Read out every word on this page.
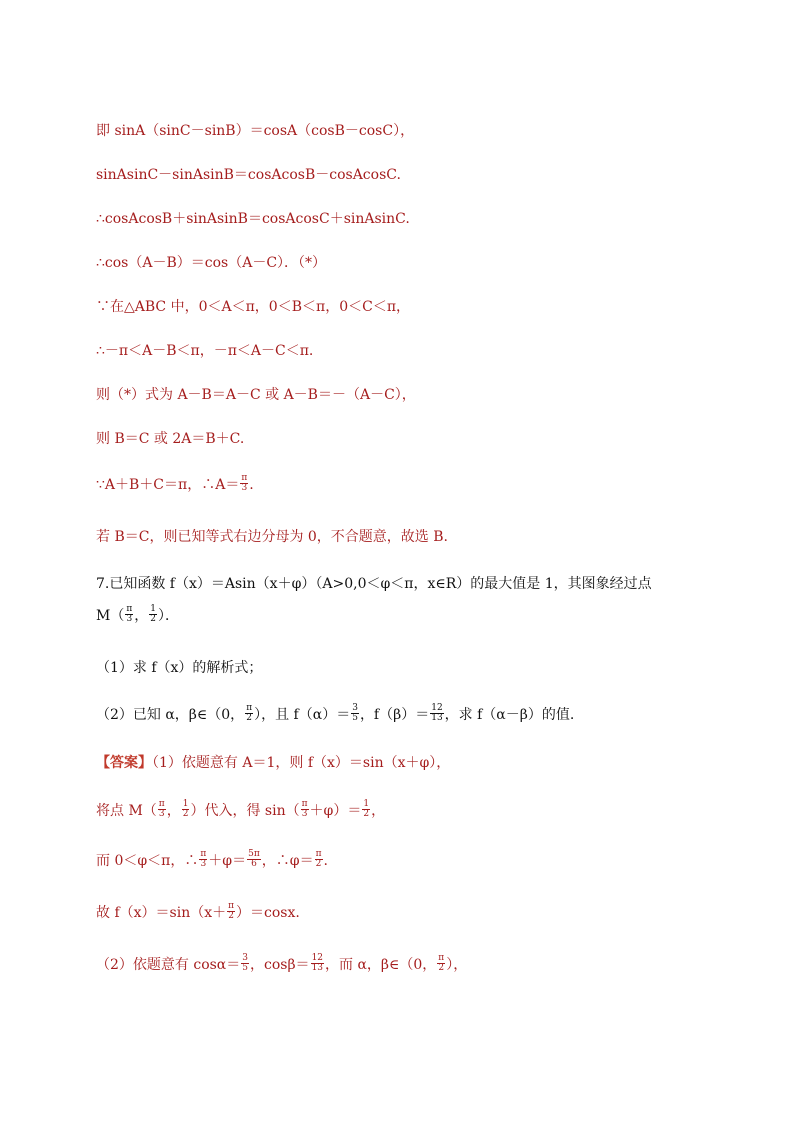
即 sinA（sinC－sinB）＝cosA（cosB－cosC），
sinAsinC－sinAsinB＝cosAcosB－cosAcosC.
∴cosAcosB＋sinAsinB＝cosAcosC＋sinAsinC.
∴cos（A－B）＝cos（A－C）．（*）
∵在△ABC 中，0＜A＜π，0＜B＜π，0＜C＜π，
∴－π＜A－B＜π，－π＜A－C＜π.
则（*）式为 A－B＝A－C 或 A－B＝－（A－C），
则 B＝C 或 2A＝B＋C.
∵A＋B＋C＝π，∴A＝ $\frac{\pi}{3}$ .
若 B＝C，则已知等式右边分母为 0，不合题意，故选 B.
7.已知函数 f（x）＝Asin（x＋φ）（A>0,0＜φ＜π，x∈R）的最大值是 1，其图象经过点
$M( \frac{\pi}{3}$ ， $\frac{1}{2}$ ）．
（1）求 f（x）的解析式；
（2）已知 α，β∈（0， $\frac{\pi}{2}$ ），且 $f(\alpha)= \frac{3}{5}$ ，$f(\beta)= \frac{12}{13}$ ，求 f（α－β）的值.
【答案】（1）依题意有 A＝1，则 f（x）＝sin（x＋φ），
将点 $M( \frac{\pi}{3}$ ， $\frac{1}{2}$ ）代入，得 $\sin( \frac{\pi}{3} +\varphi)= \frac{1}{2}$ ，
而 0＜φ＜π，∴ $\frac{\pi}{3} +\varphi= \frac{5\pi}{6}$ ，∴φ＝ $\frac{\pi}{2}$ .
故 $f(x)=\sin(x+ \frac{\pi}{2} )=\cos x$.
（2）依题意有 $\cos\alpha= \frac{3}{5}$ ，$\cos\beta= \frac{12}{13}$ ，而 α，β∈（0， $\frac{\pi}{2}$ ），
